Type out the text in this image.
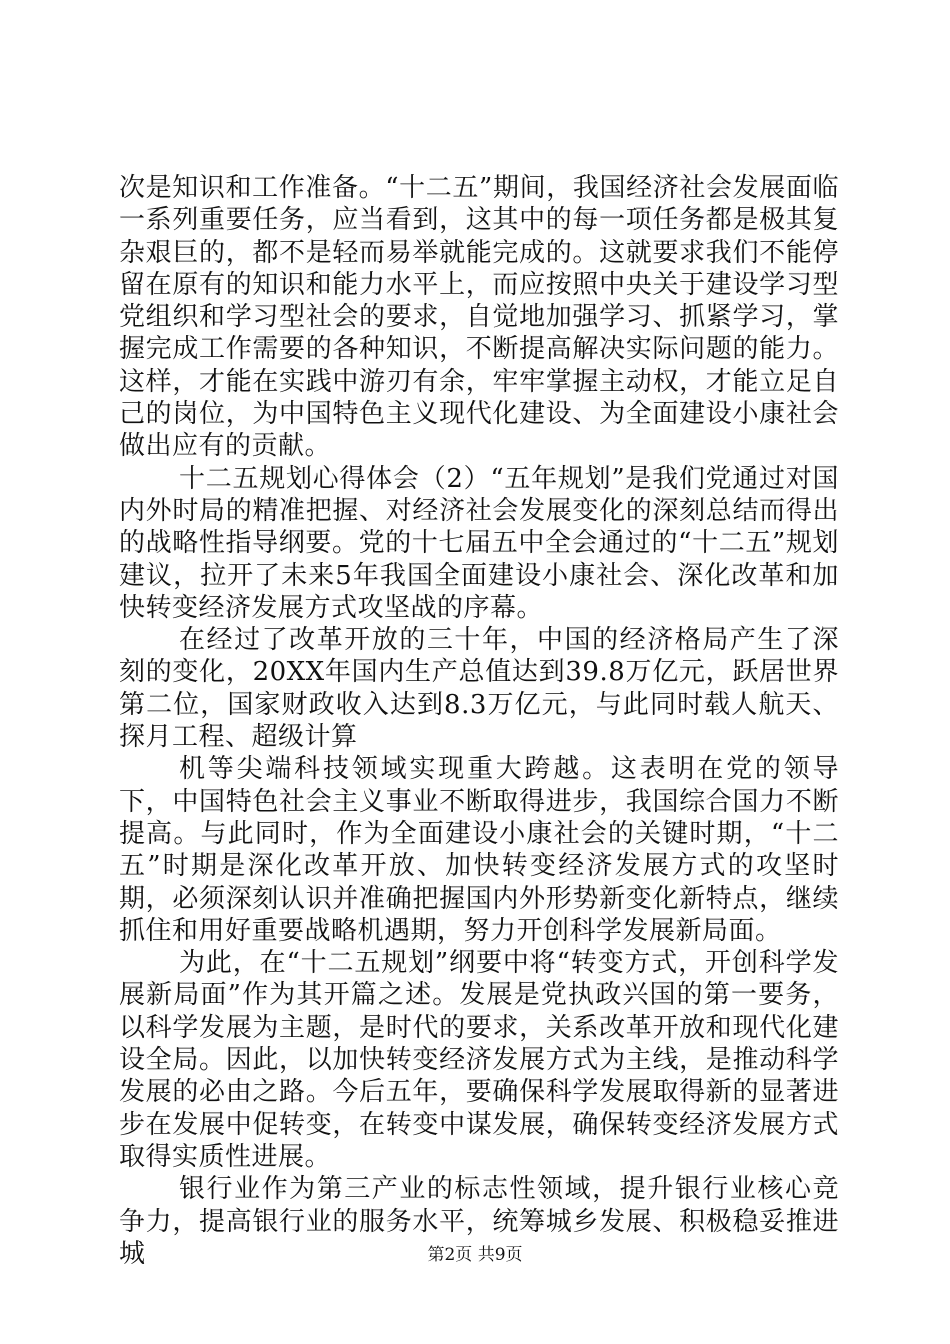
次是知识和工作准备。“十二五”期间，我国经济社会发展面临一系列重要任务，应当看到，这其中的每一项任务都是极其复杂艰巨的，都不是轻而易举就能完成的。这就要求我们不能停留在原有的知识和能力水平上，而应按照中央关于建设学习型党组织和学习型社会的要求，自觉地加强学习、抓紧学习，掌握完成工作需要的各种知识，不断提高解决实际问题的能力。这样，才能在实践中游刃有余，牢牢掌握主动权，才能立足自己的岗位，为中国特色主义现代化建设、为全面建设小康社会做出应有的贡献。

十二五规划心得体会（2）“五年规划”是我们党通过对国内外时局的精准把握、对经济社会发展变化的深刻总结而得出的战略性指导纲要。党的十七届五中全会通过的“十二五”规划建议，拉开了未来5年我国全面建设小康社会、深化改革和加快转变经济发展方式攻坚战的序幕。

在经过了改革开放的三十年，中国的经济格局产生了深刻的变化，20XX年国内生产总值达到39.8万亿元，跃居世界第二位，国家财政收入达到8.3万亿元，与此同时载人航天、探月工程、超级计算

机等尖端科技领域实现重大跨越。这表明在党的领导下，中国特色社会主义事业不断取得进步，我国综合国力不断提高。与此同时，作为全面建设小康社会的关键时期，“十二五”时期是深化改革开放、加快转变经济发展方式的攻坚时期，必须深刻认识并准确把握国内外形势新变化新特点，继续抓住和用好重要战略机遇期，努力开创科学发展新局面。

为此，在“十二五规划”纲要中将“转变方式，开创科学发展新局面”作为其开篇之述。发展是党执政兴国的第一要务，以科学发展为主题，是时代的要求，关系改革开放和现代化建设全局。因此，以加快转变经济发展方式为主线，是推动科学发展的必由之路。今后五年，要确保科学发展取得新的显著进步在发展中促转变，在转变中谋发展，确保转变经济发展方式取得实质性进展。

银行业作为第三产业的标志性领域，提升银行业核心竞争力，提高银行业的服务水平，统筹城乡发展、积极稳妥推进城	第2页 共9页
